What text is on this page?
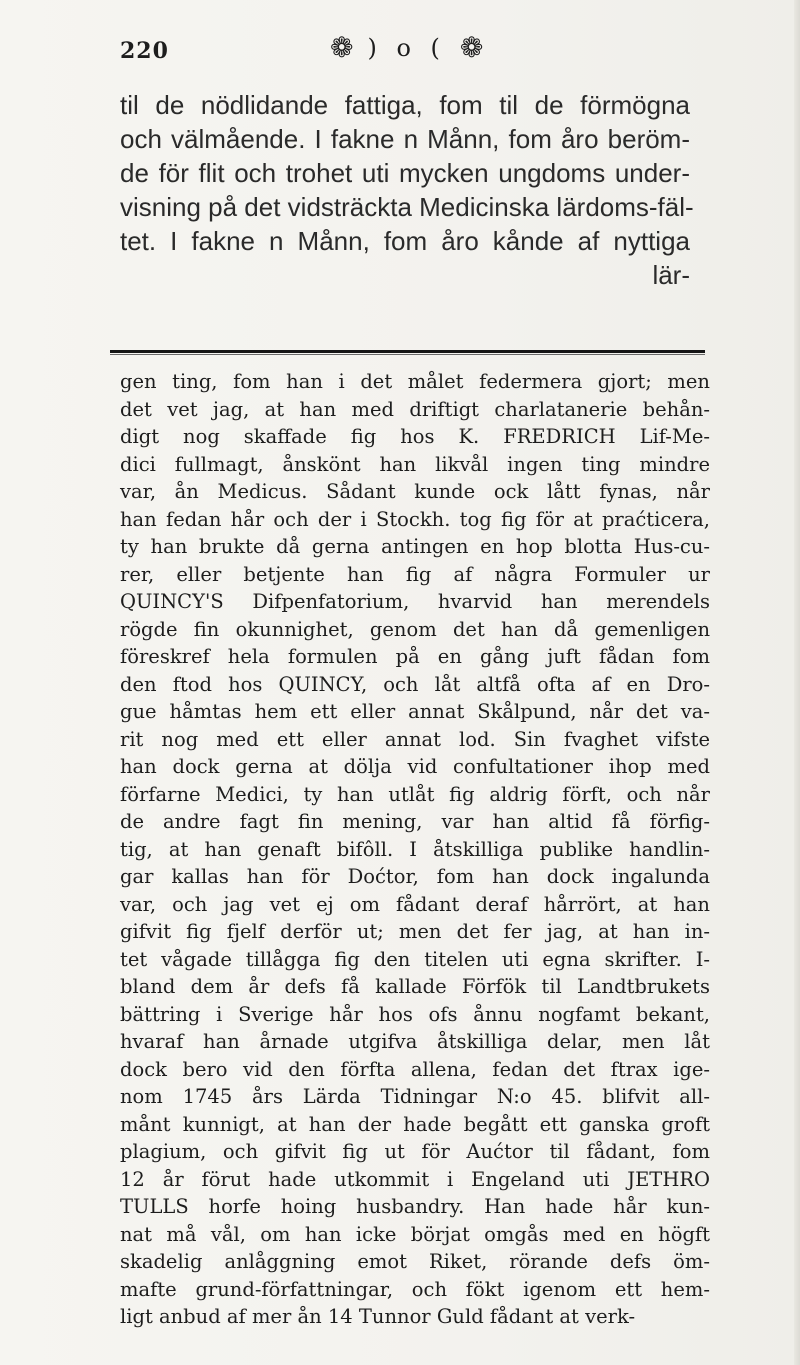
220	❁ ) o ( ❁
til de nödlidande fattiga, fom til de förmögna
och välmående. I fakne n Månn, fom åro beröm-
de för flit och trohet uti mycken ungdoms under-
visning på det vidsträckta Medicinska lärdoms-fäl-
tet. I fakne n Månn, fom åro kånde af nyttiga
lär-
gen ting, fom han i det målet federmera gjort; men
det vet jag, at han med driftigt charlatanerie behån-
digt nog skaffade fig hos K. FREDRICH Lif-Me-
dici fullmagt, ånskönt han likvål ingen ting mindre
var, ån Medicus. Sådant kunde ock lått fynas, når
han fedan hår och der i Stockh. tog fig för at praćticera,
ty han brukte då gerna antingen en hop blotta Hus-cu-
rer, eller betjente han fig af några Formuler ur
QUINCY'S Difpenfatorium, hvarvid han merendels
rögde fin okunnighet, genom det han då gemenligen
föreskref hela formulen på en gång juft fådan fom
den ftod hos QUINCY, och låt altfå ofta af en Dro-
gue håmtas hem ett eller annat Skålpund, når det va-
rit nog med ett eller annat lod. Sin fvaghet vifste
han dock gerna at dölja vid confultationer ihop med
förfarne Medici, ty han utlåt fig aldrig förft, och når
de andre fagt fin mening, var han altid få förfig-
tig, at han genaft bifôll. I åtskilliga publike handlin-
gar kallas han för Doćtor, fom han dock ingalunda
var, och jag vet ej om fådant deraf hårrört, at han
gifvit fig fjelf derför ut; men det fer jag, at han in-
tet vågade tillågga fig den titelen uti egna skrifter. I-
bland dem år defs få kallade Förfök til Landtbrukets
bättring i Sverige hår hos ofs ånnu nogfamt bekant,
hvaraf han årnade utgifva åtskilliga delar, men låt
dock bero vid den förfta allena, fedan det ftrax ige-
nom 1745 års Lärda Tidningar N:o 45. blifvit all-
månt kunnigt, at han der hade begått ett ganska groft
plagium, och gifvit fig ut för Aućtor til fådant, fom
12 år förut hade utkommit i Engeland uti JETHRO
TULLS horfe hoing husbandry. Han hade hår kun-
nat må vål, om han icke börjat omgås med en högft
skadelig anlåggning emot Riket, rörande defs öm-
mafte grund-författningar, och fökt igenom ett hem-
ligt anbud af mer ån 14 Tunnor Guld fådant at verk-
